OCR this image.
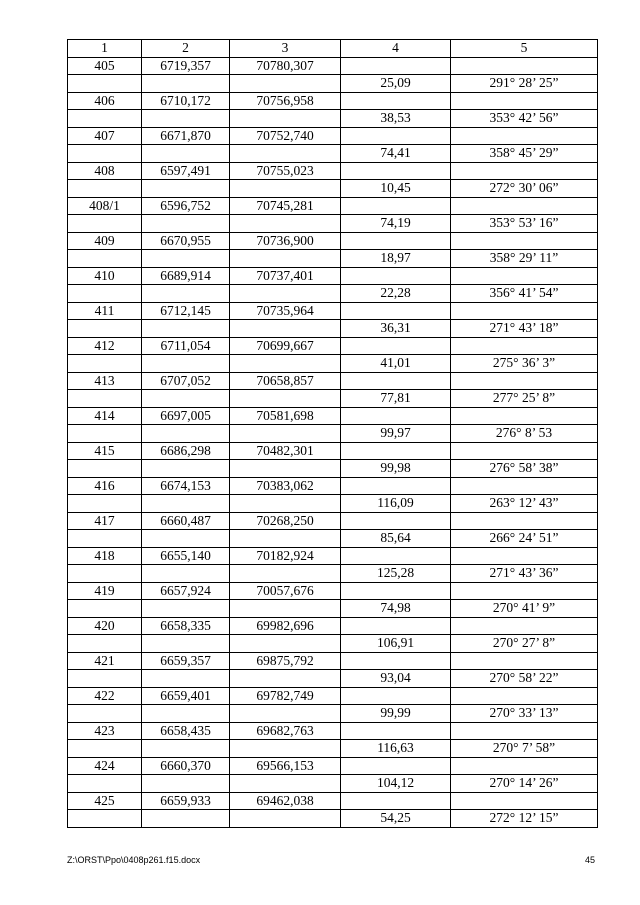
1	2	3	4	5
405	6719,357	70780,307		
			25,09	291° 28’ 25”
406	6710,172	70756,958		
			38,53	353° 42’ 56”
407	6671,870	70752,740		
			74,41	358° 45’ 29”
408	6597,491	70755,023		
			10,45	272° 30’ 06”
408/1	6596,752	70745,281		
			74,19	353° 53’ 16”
409	6670,955	70736,900		
			18,97	358° 29’ 11”
410	6689,914	70737,401		
			22,28	356° 41’ 54”
411	6712,145	70735,964		
			36,31	271° 43’ 18”
412	6711,054	70699,667		
			41,01	275° 36’ 3”
413	6707,052	70658,857		
			77,81	277° 25’ 8”
414	6697,005	70581,698		
			99,97	276° 8’ 53
415	6686,298	70482,301		
			99,98	276° 58’ 38”
416	6674,153	70383,062		
			116,09	263° 12’ 43”
417	6660,487	70268,250		
			85,64	266° 24’ 51”
418	6655,140	70182,924		
			125,28	271° 43’ 36”
419	6657,924	70057,676		
			74,98	270° 41’ 9”
420	6658,335	69982,696		
			106,91	270° 27’ 8”
421	6659,357	69875,792		
			93,04	270° 58’ 22”
422	6659,401	69782,749		
			99,99	270° 33’ 13”
423	6658,435	69682,763		
			116,63	270° 7’ 58”
424	6660,370	69566,153		
			104,12	270° 14’ 26”
425	6659,933	69462,038		
			54,25	272° 12’ 15”
Z:\ORST\Ppo\0408p261.f15.docx	45
